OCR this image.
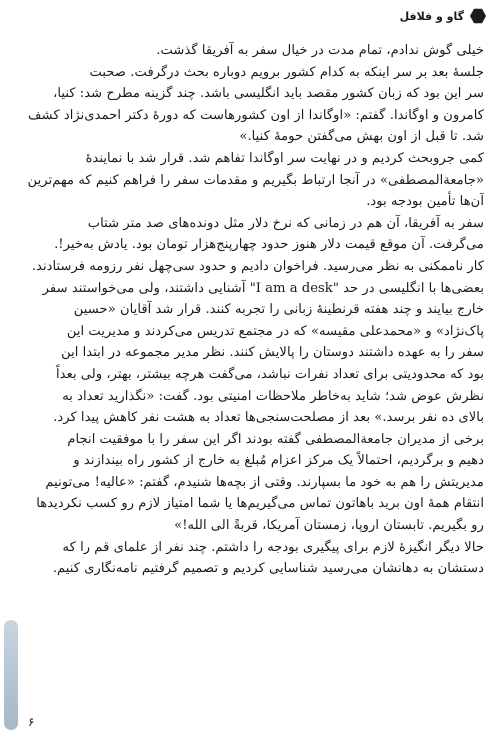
گاو و فلافل
خیلی گوش ندادم، تمام مدت در خیال سفر به آفریقا گذشت.
جلسهٔ بعد بر سر اینکه به کدام کشور برویم دوباره بحث درگرفت. صحبت
سر این بود که زبان کشور مقصد باید انگلیسی باشد. چند گزینه مطرح شد: کنیا،
کامرون و اوگاندا. گفتم: «اوگاندا از اون کشورهاست که دورهٔ دکتر احمدی‌نژاد کشف
شد. تا قبل از اون بهش می‌گفتن حومهٔ کنیا.»
کمی جروبحث کردیم و در نهایت سر اوگاندا تفاهم شد. قرار شد با نمایندهٔ
«جامعة‌المصطفی» در آنجا ارتباط بگیریم و مقدمات سفر را فراهم کنیم که مهم‌ترین
آن‌ها تأمین بودجه بود.
سفر به آفریقا، آن هم در زمانی که نرخ دلار مثل دونده‌های صد متر شتاب
می‌گرفت. آن موقع قیمت دلار هنوز حدود چهارپنج‌هزار تومان بود. یادش به‌خیر!.
کار ناممکنی به نظر می‌رسید. فراخوان دادیم و حدود سی‌چهل نفر رزومه فرستادند.
بعضی‌ها با انگلیسی در حد "I am a desk" آشنایی داشتند، ولی می‌خواستند سفر
خارج بیایند و چند هفته قرنطینهٔ زبانی را تجربه کنند. قرار شد آقایان «حسین
پاک‌نژاد» و «محمدعلی مقیسه» که در مجتمع تدریس می‌کردند و مدیریت این
سفر را به عهده داشتند دوستان را پالایش کنند. نظر مدیر مجموعه در ابتدا این
بود که محدودیتی برای تعداد نفرات نباشد، می‌گفت هرچه بیشتر، بهتر، ولی بعداً
نظرش عوض شد؛ شاید به‌خاطر ملاحظات امنیتی بود. گفت: «نگذارید تعداد به
بالای ده نفر برسد.» بعد از مصلحت‌سنجی‌ها تعداد به هشت نفر کاهش پیدا کرد.
برخی از مدیران جامعة‌المصطفی گفته بودند اگر این سفر را با موفقیت انجام
دهیم و برگردیم، احتمالاً یک مرکز اعزام مُبلغ به خارج از کشور راه بیندازند و
مدیریتش را هم به خود ما بسپارند. وقتی از بچه‌ها شنیدم، گفتم: «عالیه! می‌تونیم
انتقام همهٔ اون برید باهاتون تماس می‌گیریم‌ها یا شما امتیاز لازم رو کسب نکردیدها
رو بگیریم. تابستان اروپا، زمستان آمریکا، قربةً الی الله!»
حالا دیگر انگیزهٔ لازم برای پیگیری بودجه را داشتم. چند نفر از علمای قم را که
دستشان به دهانشان می‌رسید شناسایی کردیم و تصمیم گرفتیم نامه‌نگاری کنیم.
۶
